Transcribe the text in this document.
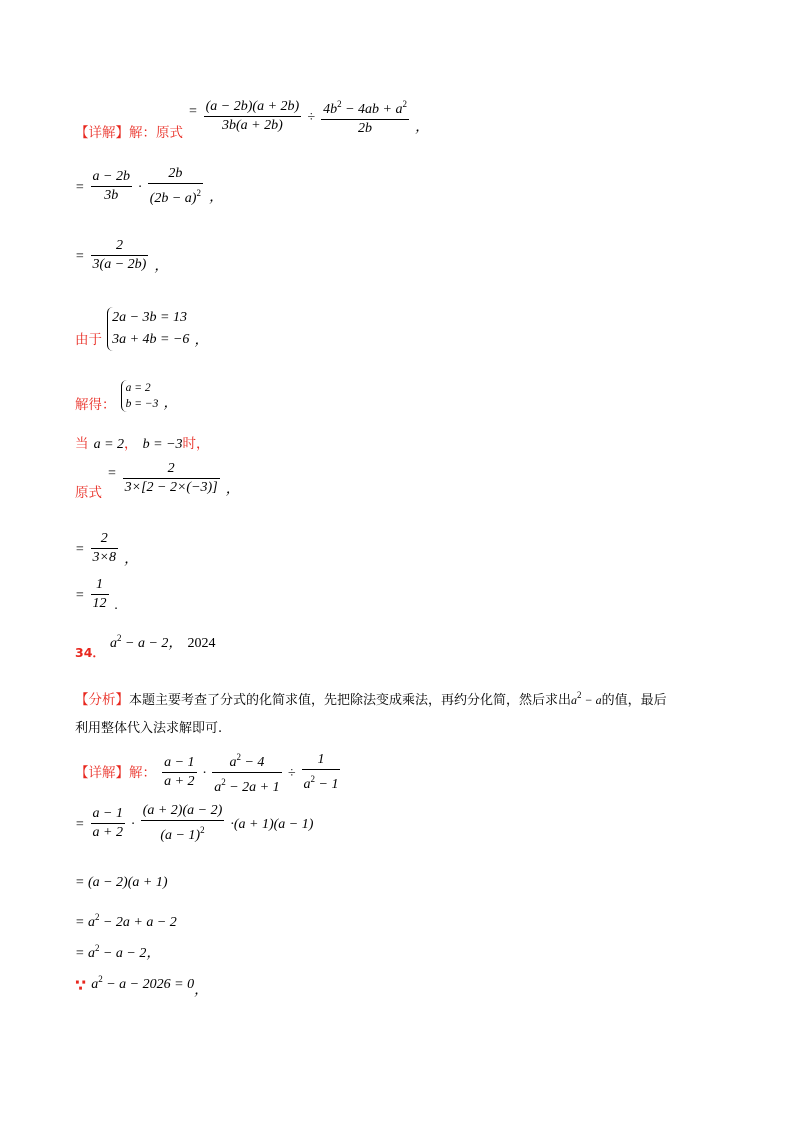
$_{【详解】解:原式} = \frac{(a - 2b)(a + 2b)}{3b(a + 2b)} \div \frac{4b^2 - 4ab + a^2}{2b}$ ，
= $\frac{a - 2b}{3b} \cdot \frac{2b}{(2b - a)^2}$ ，
= $\frac{2}{3(a - 2b)}$ ，
$_{由于}$
2a − 3b = 13
3a + 4b = −6 ，
$_{解得:}$
a = 2
b = −3 ，
当 a = 2， b = −3时，
$_{原式} = \frac{2}{3\times[2 - 2\times(-3)]}$ ，
= $\frac{2}{3\times 8}$ ，
= $\frac{1}{12}$ .
$_{34.}$ $a^2 - a - 2$， 2024
【分析】本题主要考查了分式的化简求值，先把除法变成乘法，再约分化简，然后求出$a^2 - a$的值，最后
利用整体代入法求解即可.
【详解】解： $\frac{a - 1}{a + 2} \cdot \frac{a^2 - 4}{a^2 - 2a + 1} \div \frac{1}{a^2 - 1}$
= $\frac{a - 1}{a + 2} \cdot \frac{(a + 2)(a - 2)}{(a - 1)^2} \cdot(a + 1)(a - 1)$
= (a − 2)(a + 1)
= $a^2 - 2a + a - 2$
= $a^2 - a - 2$，
∵ $a^2 - a - 2026 = 0$，
